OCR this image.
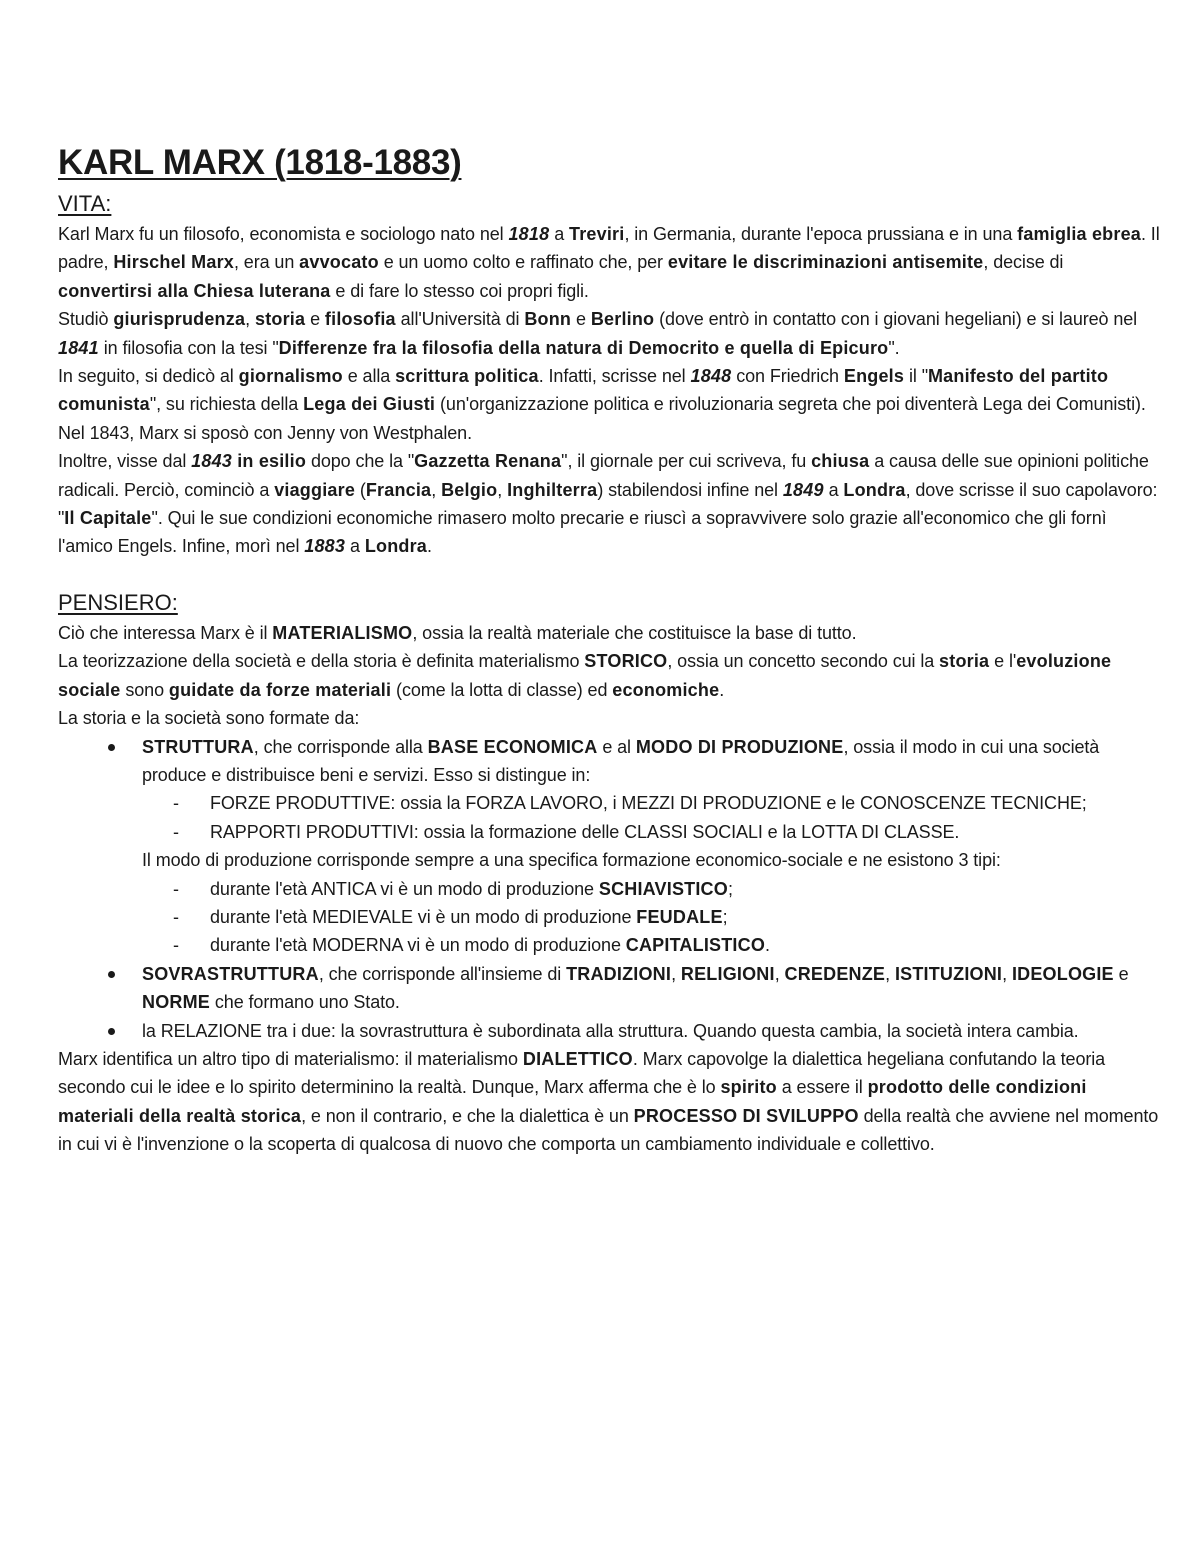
KARL MARX (1818-1883)
VITA:

Karl Marx fu un filosofo, economista e sociologo nato nel 1818 a Treviri, in Germania, durante l'epoca prussiana e in una famiglia ebrea. Il padre, Hirschel Marx, era un avvocato e un uomo colto e raffinato che, per evitare le discriminazioni antisemite, decise di convertirsi alla Chiesa luterana e di fare lo stesso coi propri figli.

Studiò giurisprudenza, storia e filosofia all'Università di Bonn e Berlino (dove entrò in contatto con i giovani hegeliani) e si laureò nel 1841 in filosofia con la tesi "Differenze fra la filosofia della natura di Democrito e quella di Epicuro".

In seguito, si dedicò al giornalismo e alla scrittura politica. Infatti, scrisse nel 1848 con Friedrich Engels il "Manifesto del partito comunista", su richiesta della Lega dei Giusti (un'organizzazione politica e rivoluzionaria segreta che poi diventerà Lega dei Comunisti).

Nel 1843, Marx si sposò con Jenny von Westphalen.

Inoltre, visse dal 1843 in esilio dopo che la "Gazzetta Renana", il giornale per cui scriveva, fu chiusa a causa delle sue opinioni politiche radicali. Perciò, cominciò a viaggiare (Francia, Belgio, Inghilterra) stabilendosi infine nel 1849 a Londra, dove scrisse il suo capolavoro: "Il Capitale". Qui le sue condizioni economiche rimasero molto precarie e riuscì a sopravvivere solo grazie all'economico che gli fornì l'amico Engels. Infine, morì nel 1883 a Londra.

PENSIERO:

Ciò che interessa Marx è il MATERIALISMO, ossia la realtà materiale che costituisce la base di tutto.

La teorizzazione della società e della storia è definita materialismo STORICO, ossia un concetto secondo cui la storia e l'evoluzione sociale sono guidate da forze materiali (come la lotta di classe) ed economiche.

La storia e la società sono formate da:

STRUTTURA, che corrisponde alla BASE ECONOMICA e al MODO DI PRODUZIONE, ossia il modo in cui una società produce e distribuisce beni e servizi. Esso si distingue in:
- FORZE PRODUTTIVE: ossia la FORZA LAVORO, i MEZZI DI PRODUZIONE e le CONOSCENZE TECNICHE;
- RAPPORTI PRODUTTIVI: ossia la formazione delle CLASSI SOCIALI e la LOTTA DI CLASSE.

Il modo di produzione corrisponde sempre a una specifica formazione economico-sociale e ne esistono 3 tipi:

- durante l'età ANTICA vi è un modo di produzione SCHIAVISTICO;
- durante l'età MEDIEVALE vi è un modo di produzione FEUDALE;
- durante l'età MODERNA vi è un modo di produzione CAPITALISTICO.
SOVRASTRUTTURA, che corrisponde all'insieme di TRADIZIONI, RELIGIONI, CREDENZE, ISTITUZIONI, IDEOLOGIE e NORME che formano uno Stato.
la RELAZIONE tra i due: la sovrastruttura è subordinata alla struttura. Quando questa cambia, la società intera cambia.

Marx identifica un altro tipo di materialismo: il materialismo DIALETTICO. Marx capovolge la dialettica hegeliana confutando la teoria secondo cui le idee e lo spirito determinino la realtà. Dunque, Marx afferma che è lo spirito a essere il prodotto delle condizioni materiali della realtà storica, e non il contrario, e che la dialettica è un PROCESSO DI SVILUPPO della realtà che avviene nel momento in cui vi è l'invenzione o la scoperta di qualcosa di nuovo che comporta un cambiamento individuale e collettivo.
